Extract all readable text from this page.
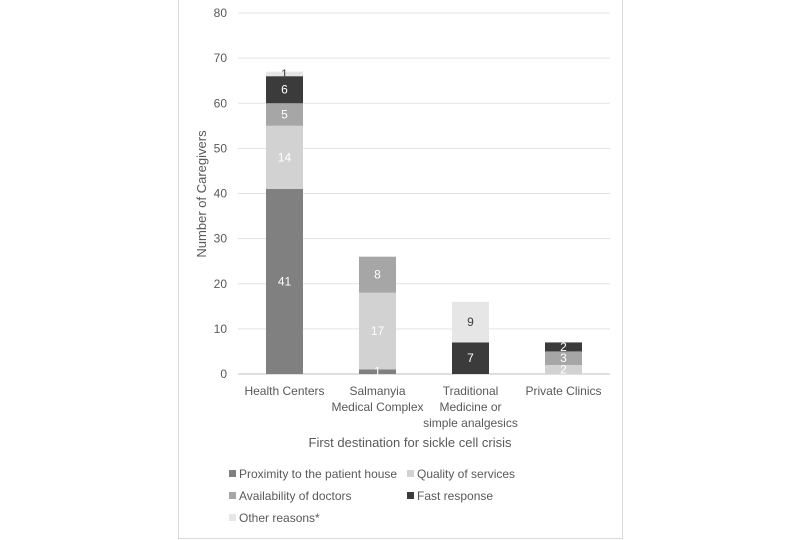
0
10
20
30
40
50
60
70
80
41
14
5
6
1
1
17
8
7
9
2
3
2
Health Centers Salmanyia
Medical Complex
Traditional
Medicine or
simple analgesics
Private Clinics
Number of Caregivers
First destination for sickle cell crisis
Proximity to the patient house Quality of services
Availability of doctors	Fast response
Other reasons*
